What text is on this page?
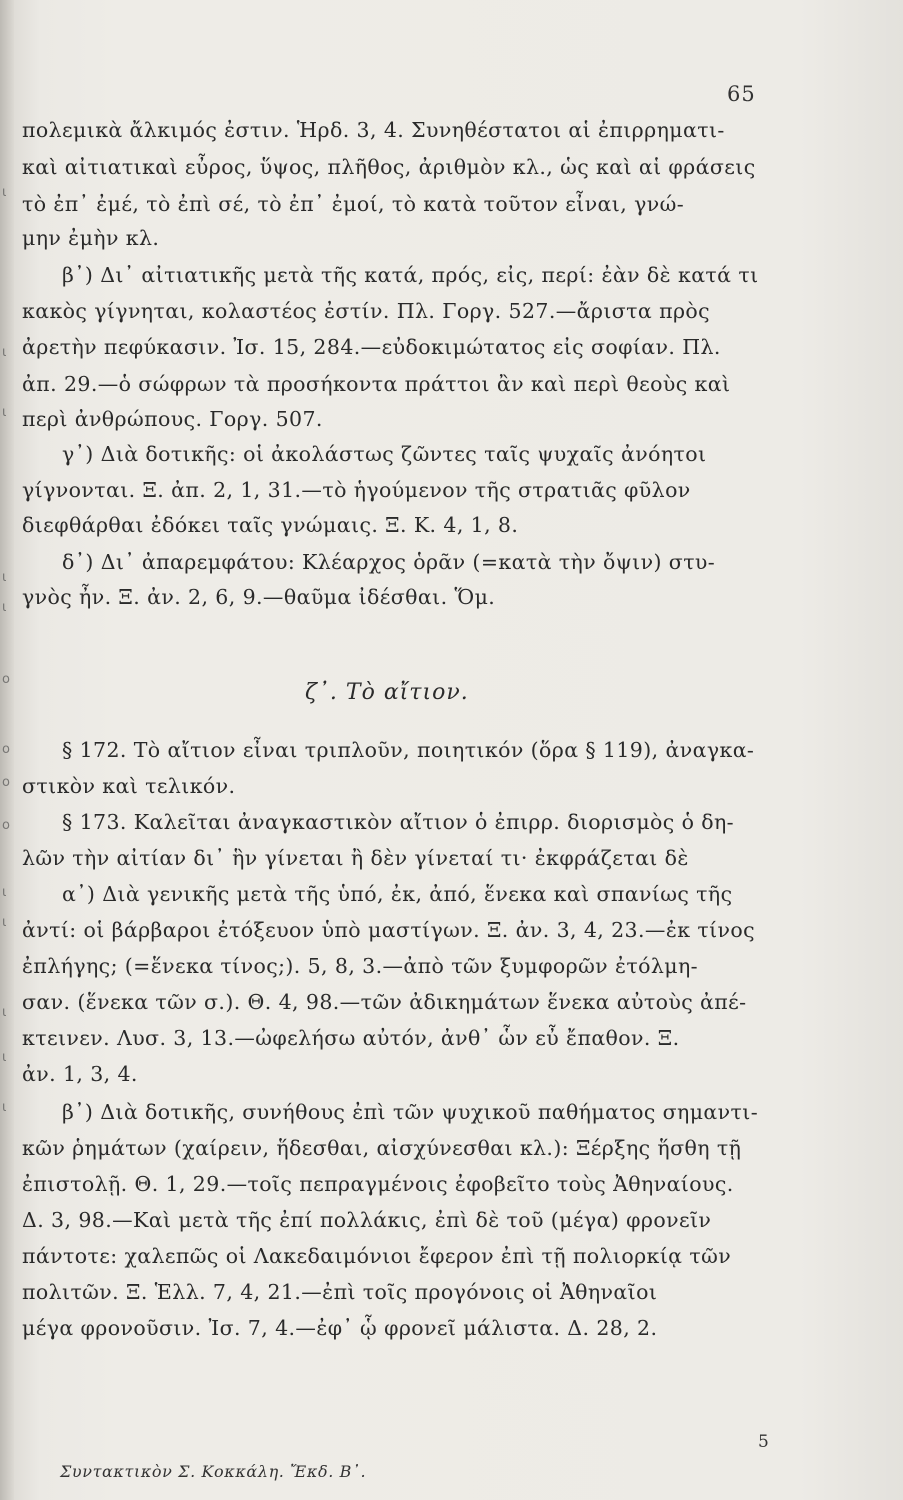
ι
ι
ι
ι
ι
ο
ο
ο
ο
ι
ι
ι
ι
ι
65
πολεμικὰ ἄλκιμός ἐστιν. Ἡρδ. 3, 4. Συνηθέστατοι αἱ ἐπιρρηματι-
καὶ αἰτιατικαὶ εὖρος, ὕψος, πλῆθος, ἀριθμὸν κλ., ὡς καὶ αἱ φράσεις
τὸ ἐπ᾽ ἐμέ, τὸ ἐπὶ σέ, τὸ ἐπ᾽ ἐμοί, τὸ κατὰ τοῦτον εἶναι, γνώ-
μην ἐμὴν κλ.
β᾽) Δι᾽ αἰτιατικῆς μετὰ τῆς κατά, πρός, εἰς, περί: ἐὰν δὲ κατά τι
κακὸς γίγνηται, κολαστέος ἐστίν. Πλ. Γοργ. 527.—ἄριστα πρὸς
ἀρετὴν πεφύκασιν. Ἰσ. 15, 284.—εὐδοκιμώτατος εἰς σοφίαν. Πλ.
ἀπ. 29.—ὁ σώφρων τὰ προσήκοντα πράττοι ἂν καὶ περὶ θεοὺς καὶ
περὶ ἀνθρώπους. Γοργ. 507.
γ᾽) Διὰ δοτικῆς: οἱ ἀκολάστως ζῶντες ταῖς ψυχαῖς ἀνόητοι
γίγνονται. Ξ. ἀπ. 2, 1, 31.—τὸ ἡγούμενον τῆς στρατιᾶς φῦλον
διεφθάρθαι ἐδόκει ταῖς γνώμαις. Ξ. Κ. 4, 1, 8.
δ᾽) Δι᾽ ἀπαρεμφάτου: Κλέαρχος ὁρᾶν (=κατὰ τὴν ὄψιν) στυ-
γνὸς ἦν. Ξ. ἀν. 2, 6, 9.—θαῦμα ἰδέσθαι. Ὅμ.
ζ᾽. Τὸ αἴτιον.
§ 172. Τὸ αἴτιον εἶναι τριπλοῦν, ποιητικόν (ὅρα § 119), ἀναγκα-
στικὸν καὶ τελικόν.
§ 173. Καλεῖται ἀναγκαστικὸν αἴτιον ὁ ἐπιρρ. διορισμὸς ὁ δη-
λῶν τὴν αἰτίαν δι᾽ ἣν γίνεται ἢ δὲν γίνεταί τι· ἐκφράζεται δὲ
α᾽) Διὰ γενικῆς μετὰ τῆς ὑπό, ἐκ, ἀπό, ἕνεκα καὶ σπανίως τῆς
ἀντί: οἱ βάρβαροι ἐτόξευον ὑπὸ μαστίγων. Ξ. ἀν. 3, 4, 23.—ἐκ τίνος
ἐπλήγης; (=ἕνεκα τίνος;). 5, 8, 3.—ἀπὸ τῶν ξυμφορῶν ἐτόλμη-
σαν. (ἕνεκα τῶν σ.). Θ. 4, 98.—τῶν ἀδικημάτων ἕνεκα αὐτοὺς ἀπέ-
κτεινεν. Λυσ. 3, 13.—ὠφελήσω αὐτόν, ἀνθ᾽ ὧν εὖ ἔπαθον. Ξ.
ἀν. 1, 3, 4.
β᾽) Διὰ δοτικῆς, συνήθους ἐπὶ τῶν ψυχικοῦ παθήματος σημαντι-
κῶν ῥημάτων (χαίρειν, ἥδεσθαι, αἰσχύνεσθαι κλ.): Ξέρξης ἥσθη τῇ
ἐπιστολῇ. Θ. 1, 29.—τοῖς πεπραγμένοις ἐφοβεῖτο τοὺς Ἀθηναίους.
Δ. 3, 98.—Καὶ μετὰ τῆς ἐπί πολλάκις, ἐπὶ δὲ τοῦ (μέγα) φρονεῖν
πάντοτε: χαλεπῶς οἱ Λακεδαιμόνιοι ἔφερον ἐπὶ τῇ πολιορκίᾳ τῶν
πολιτῶν. Ξ. Ἑλλ. 7, 4, 21.—ἐπὶ τοῖς προγόνοις οἱ Ἀθηναῖοι
μέγα φρονοῦσιν. Ἰσ. 7, 4.—ἐφ᾽ ᾧ φρονεῖ μάλιστα. Δ. 28, 2.
Συντακτικὸν Σ. Κοκκάλη. Ἔκδ. Β᾽.
5
